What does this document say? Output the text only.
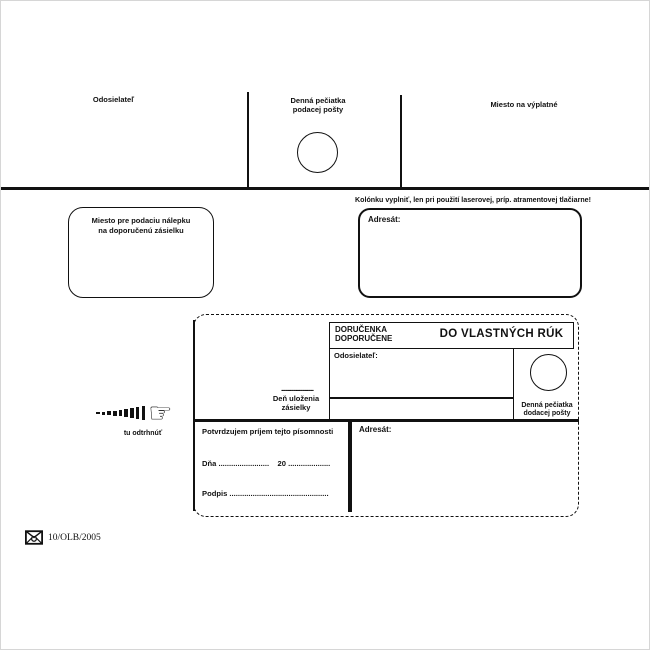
Odosielateľ	Denná pečiatka
podacej pošty
Miesto na výplatné
Miesto pre podaciu nálepku
na doporučenú zásielku
Kolónku vyplniť, len pri použití laserovej, príp. atramentovej tlačiarne!
Adresát:
DORUČENKA
DOPORUČENE	DO VLASTNÝCH RÚK
Odosielateľ:
Denná pečiatka
dodacej pošty
..................................
Deň uloženia
zásielky
Potvrdzujem príjem tejto písomnosti
Dňa ........................    20 ....................
Podpis ...............................................
Adresát:
☞
tu odtrhnúť
10/OLB/2005
